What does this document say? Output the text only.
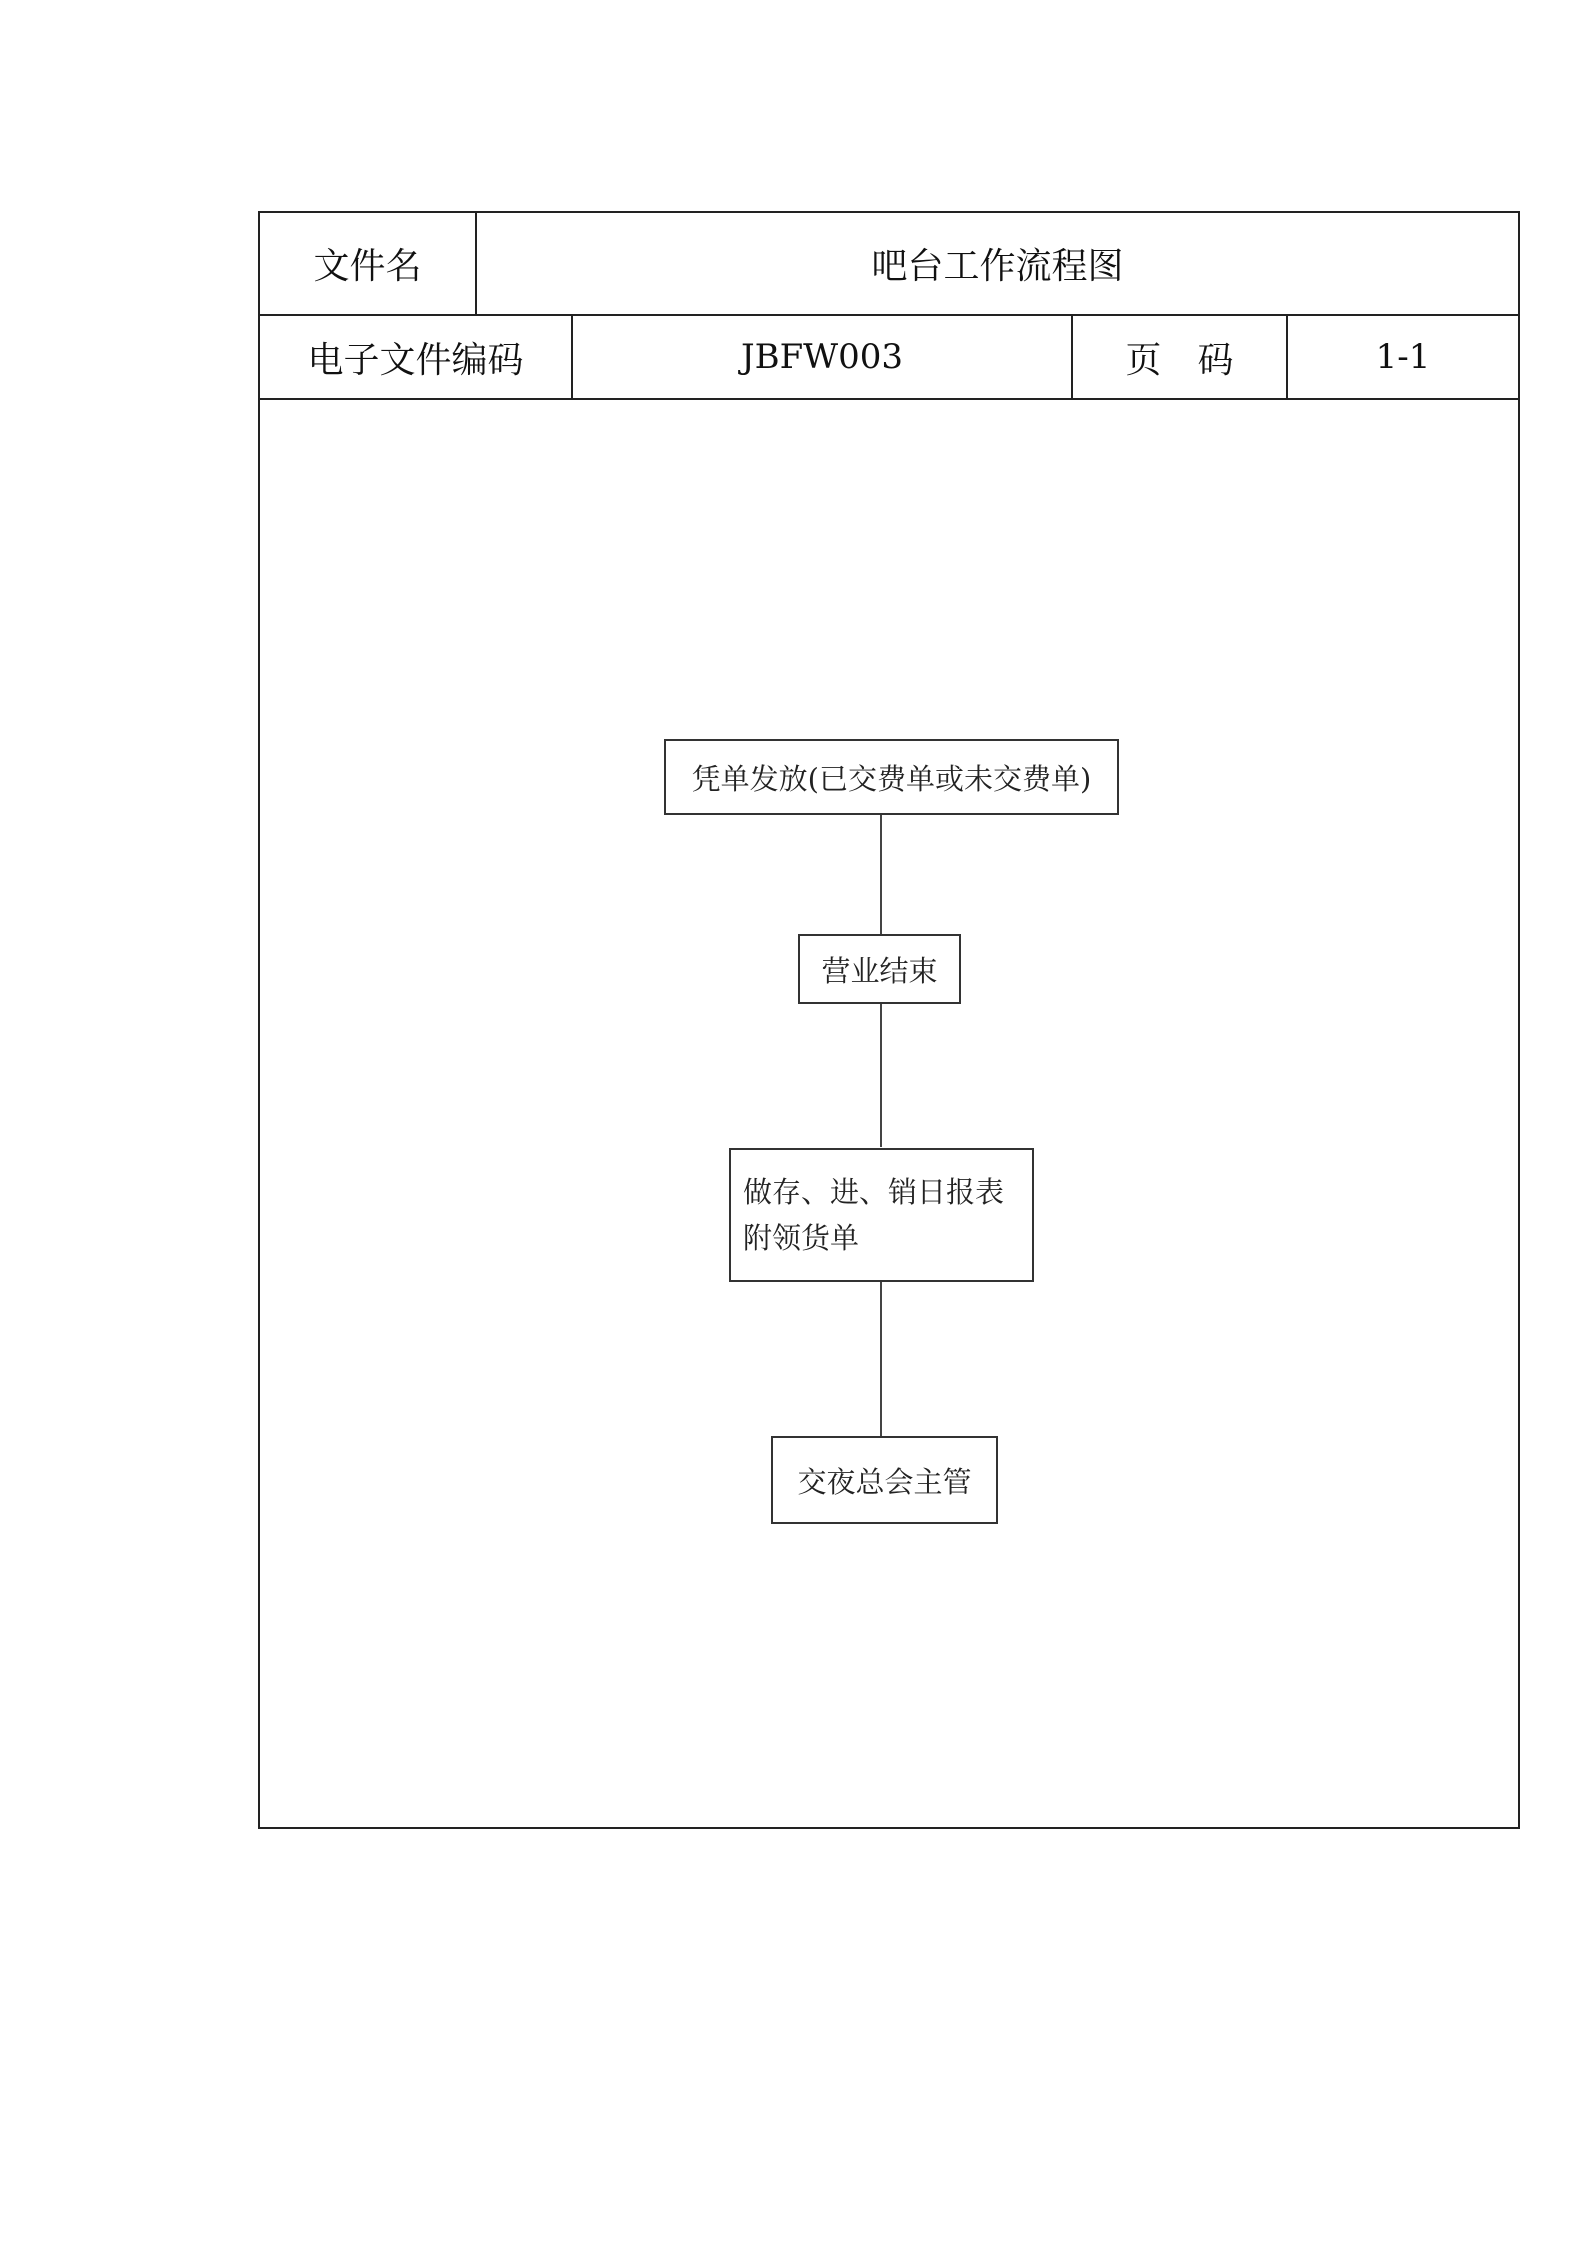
文件名	吧台工作流程图
电子文件编码	JBFW003	页码	1-1
凭单发放(已交费单或未交费单)
营业结束
做存、进、销日报表
附领货单
交夜总会主管
